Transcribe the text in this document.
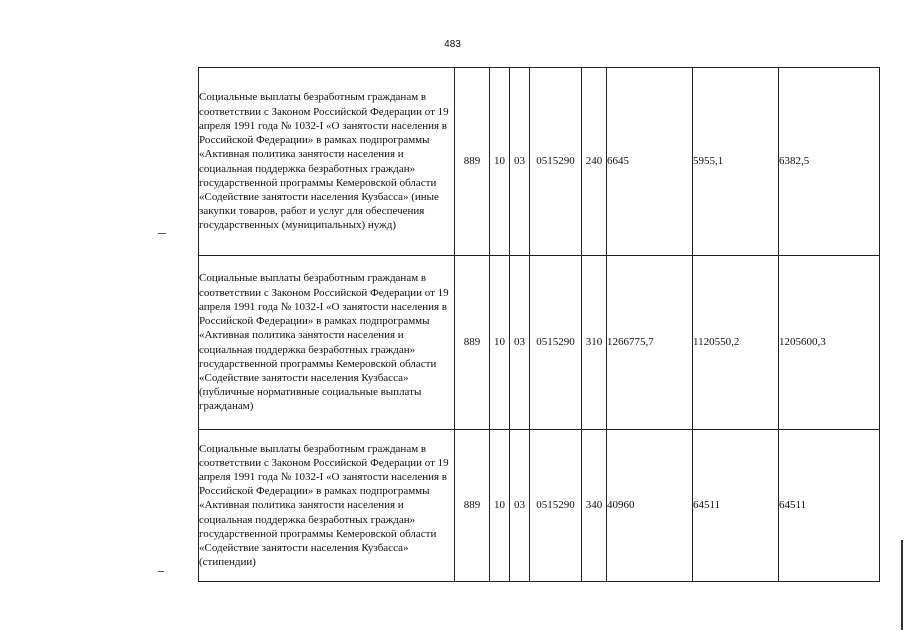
483
Социальные выплаты безработным гражданам в соответствии с Законом Российской Федерации от 19 апреля 1991 года № 1032-I «О занятости населения в Российской Федерации» в рамках подпрограммы «Активная политика занятости населения и социальная поддержка безработных граждан» государственной программы Кемеровской области «Содействие занятости населения Кузбасса» (иные закупки товаров, работ и услуг для обеспечения государственных (муниципальных) нужд)	889	10	03	0515290	240	6645	5955,1	6382,5
Социальные выплаты безработным гражданам в соответствии с Законом Российской Федерации от 19 апреля 1991 года № 1032-I «О занятости населения в Российской Федерации» в рамках подпрограммы «Активная политика занятости населения и социальная поддержка безработных граждан» государственной программы Кемеровской области «Содействие занятости населения Кузбасса» (публичные нормативные социальные выплаты гражданам)	889	10	03	0515290	310	1266775,7	1120550,2	1205600,3
Социальные выплаты безработным гражданам в соответствии с Законом Российской Федерации от 19 апреля 1991 года № 1032-I «О занятости населения в Российской Федерации» в рамках подпрограммы «Активная политика занятости населения и социальная поддержка безработных граждан» государственной программы Кемеровской области «Содействие занятости населения Кузбасса» (стипендии)	889	10	03	0515290	340	40960	64511	64511
